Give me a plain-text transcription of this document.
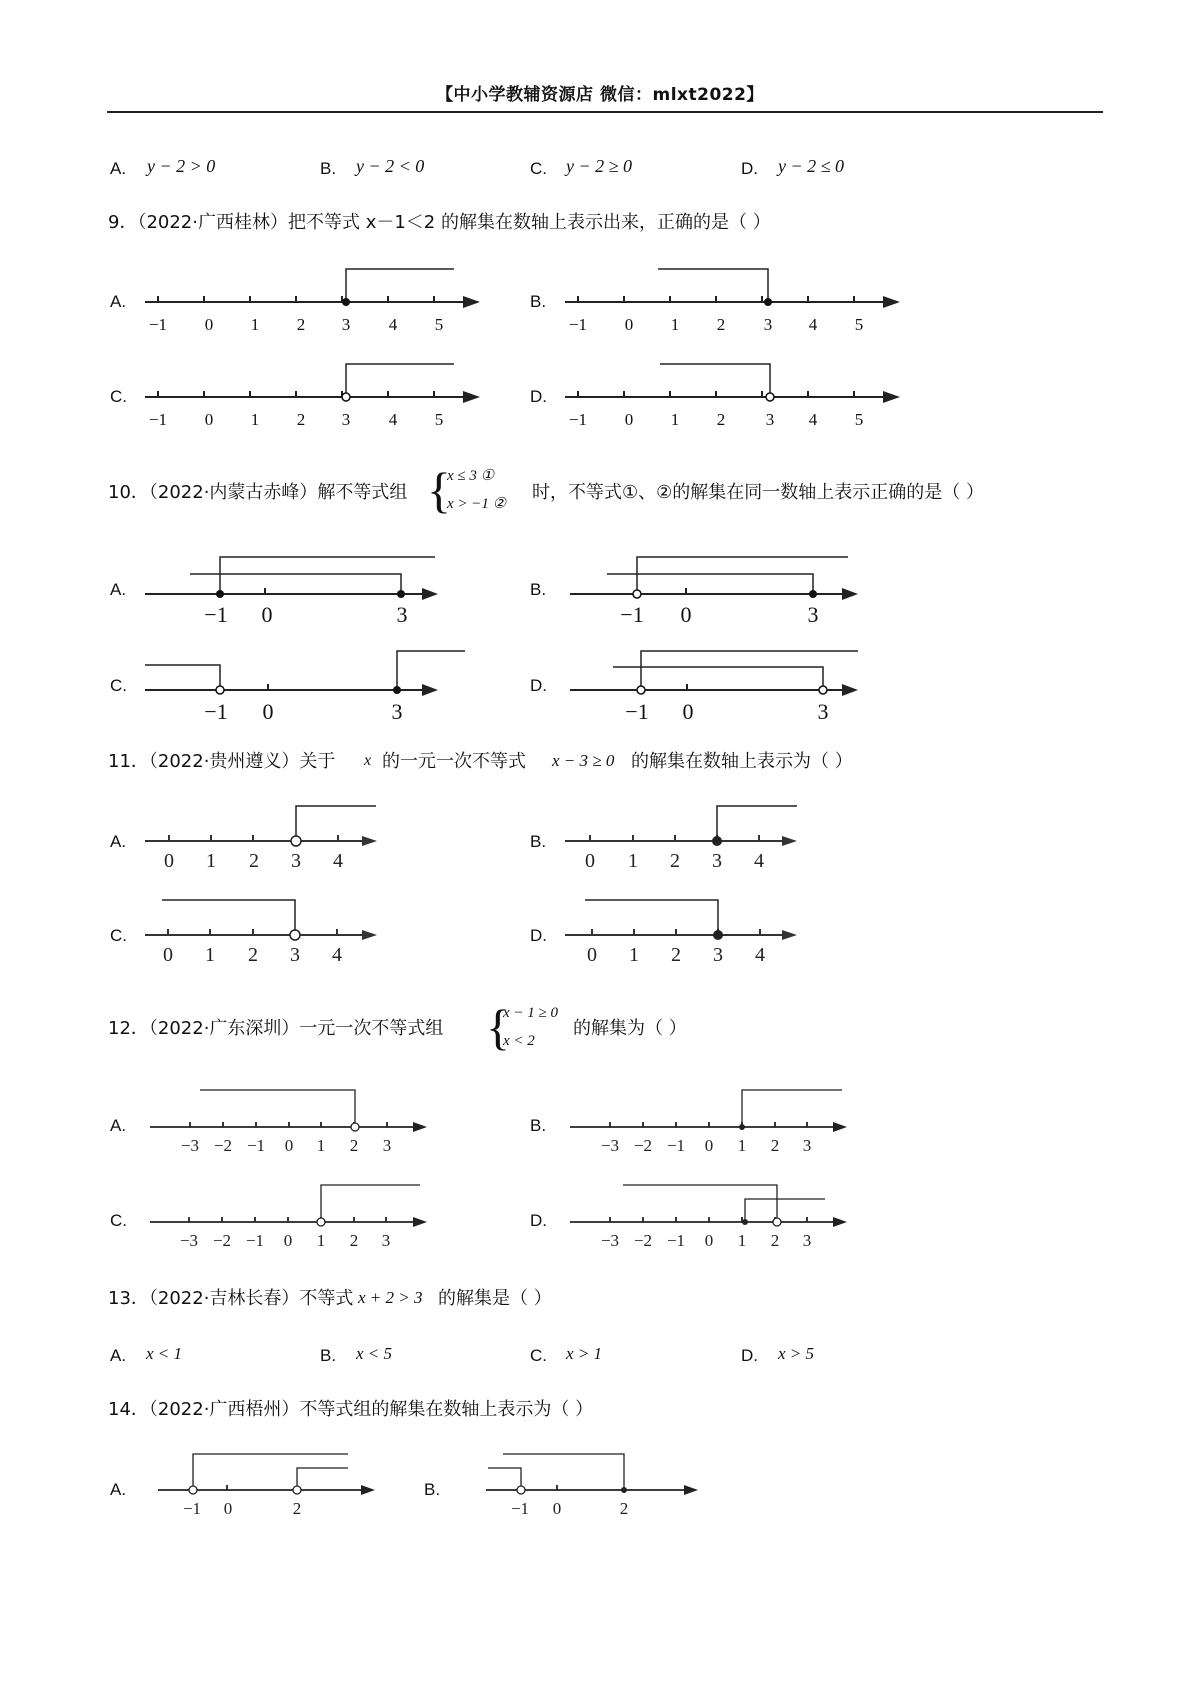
【中小学教辅资源店 微信：mlxt2022】
A. y − 2 > 0	B. y − 2 < 0	C. y − 2 ≥ 0	D. y − 2 ≤ 0
9．（2022·广西桂林）把不等式 x－1＜2 的解集在数轴上表示出来，正确的是（ ）
A.
−1 0 1 2 3 4 5
B.
−1 0 1 2 3 4 5
C.
−1 0 1 2 3 4 5
D.
−1 0 1 2 3 4 5
10．（2022·内蒙古赤峰）解不等式组 {
x ≤ 3 ①
x > −1 ②
时，不等式①、②的解集在同一数轴上表示正确的是（ ）
A.
−1 0	3
B.
−1 0	3
C.
−1 0	3
D.
−1 0	3
11．（2022·贵州遵义）关于 x 的一元一次不等式 x − 3 ≥ 0 的解集在数轴上表示为（ ）
A.
0 1 2 3 4
B.
0 1 2 3 4
C.
0 1 2 3 4
D.
0 1 2 3 4
12．（2022·广东深圳）一元一次不等式组 {
x − 1 ≥ 0
x < 2
的解集为（ ）
A.
−3 −2 −1 0 1 2 3
B.
−3 −2 −1 0 1 2 3
C.
−3 −2 −1 0 1 2 3
D.
−3 −2 −1 0 1 2 3
13．（2022·吉林长春）不等式 x + 2 > 3 的解集是（ ）
A. x < 1	B. x < 5	C. x > 1	D. x > 5
14．（2022·广西梧州）不等式组的解集在数轴上表示为（ ）
A.
−1 0	2
B.
−1 0	2
